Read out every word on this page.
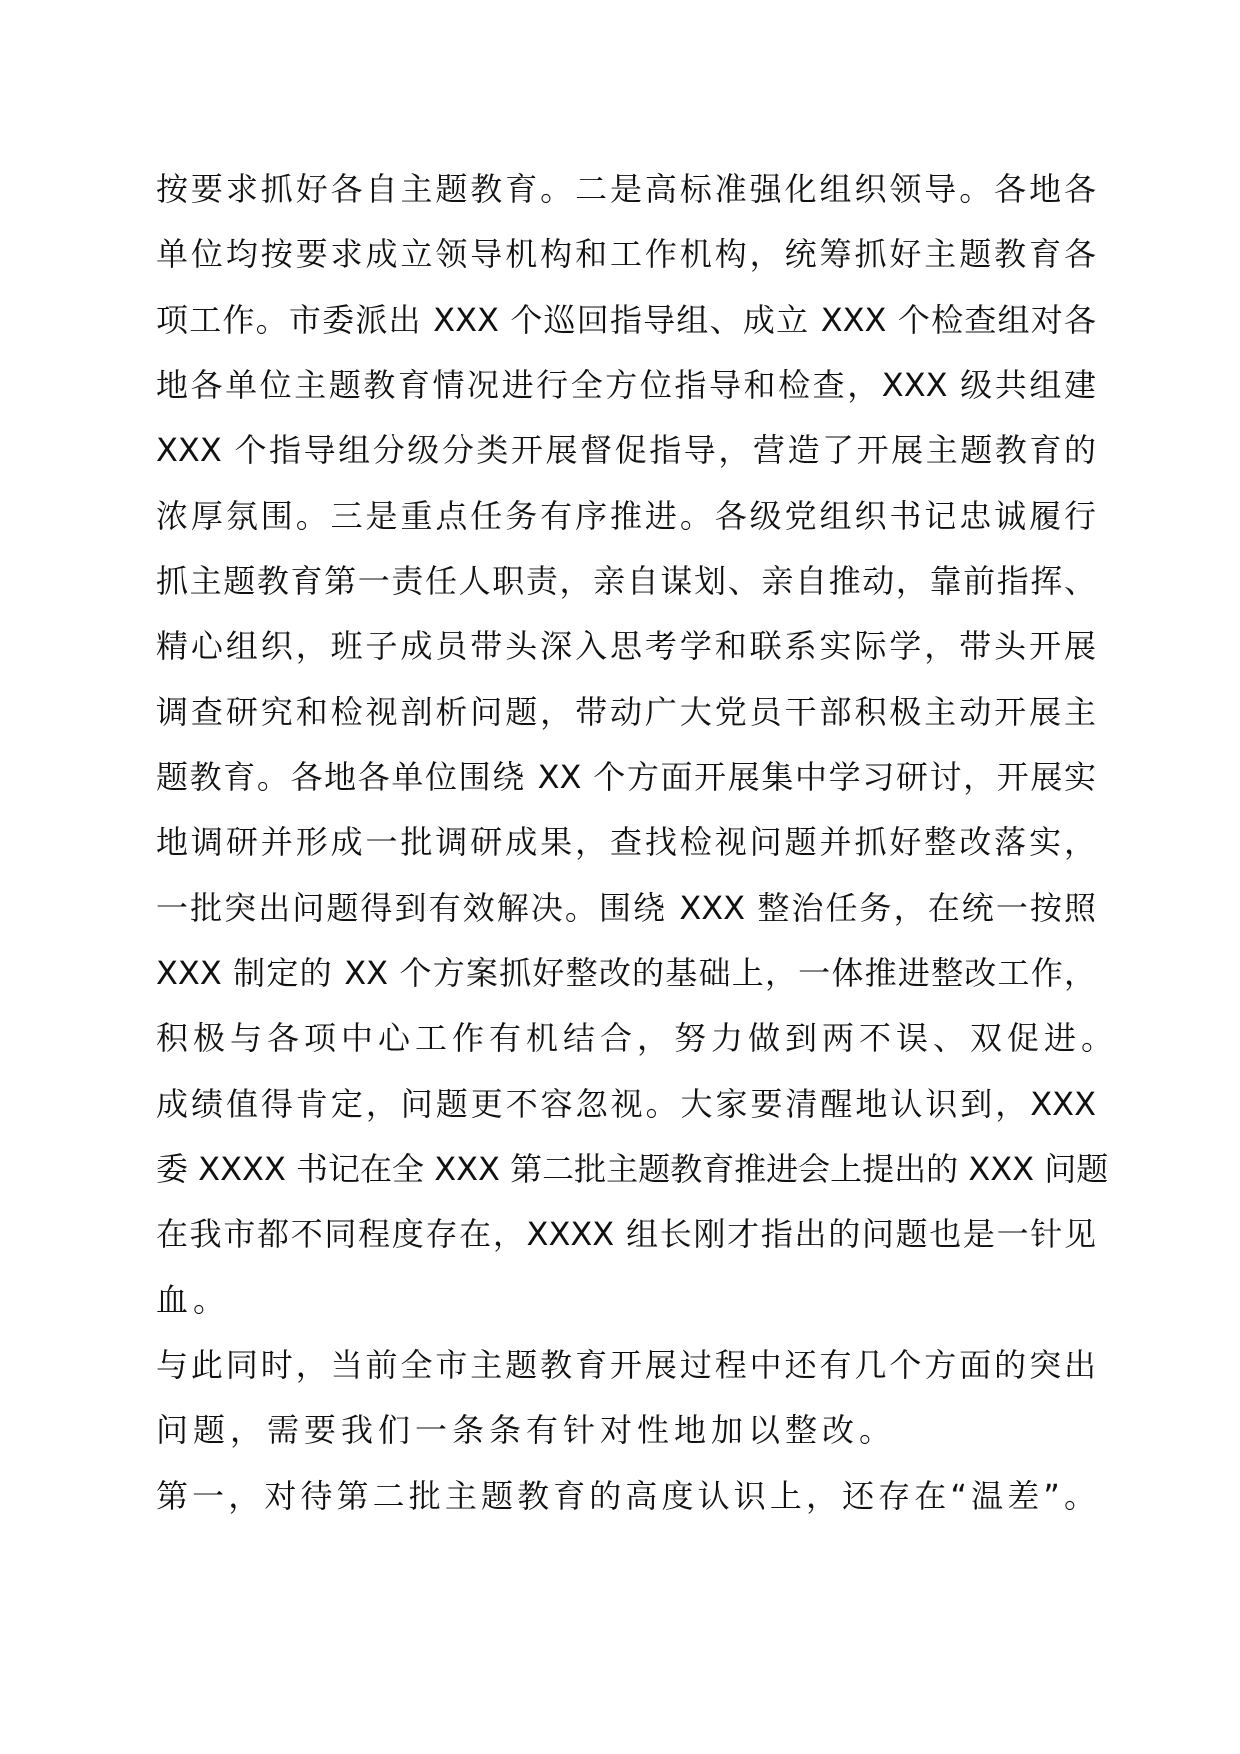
按要求抓好各自主题教育。二是高标准强化组织领导。各地各
单位均按要求成立领导机构和工作机构，统筹抓好主题教育各
项工作。市委派出 XXX 个巡回指导组、成立 XXX 个检查组对各
地各单位主题教育情况进行全方位指导和检查，XXX 级共组建
XXX 个指导组分级分类开展督促指导，营造了开展主题教育的
浓厚氛围。三是重点任务有序推进。各级党组织书记忠诚履行
抓主题教育第一责任人职责，亲自谋划、亲自推动，靠前指挥、
精心组织，班子成员带头深入思考学和联系实际学，带头开展
调查研究和检视剖析问题，带动广大党员干部积极主动开展主
题教育。各地各单位围绕 XX 个方面开展集中学习研讨，开展实
地调研并形成一批调研成果，查找检视问题并抓好整改落实，
一批突出问题得到有效解决。围绕 XXX 整治任务，在统一按照
XXX 制定的 XX 个方案抓好整改的基础上，一体推进整改工作，
积极与各项中心工作有机结合，努力做到两不误、双促进。
成绩值得肯定，问题更不容忽视。大家要清醒地认识到，XXX
委 XXXX 书记在全 XXX 第二批主题教育推进会上提出的 XXX 问题
在我市都不同程度存在，XXXX 组长刚才指出的问题也是一针见
血。
与此同时，当前全市主题教育开展过程中还有几个方面的突出
问题，需要我们一条条有针对性地加以整改。
第一，对待第二批主题教育的高度认识上，还存在“温差”。
